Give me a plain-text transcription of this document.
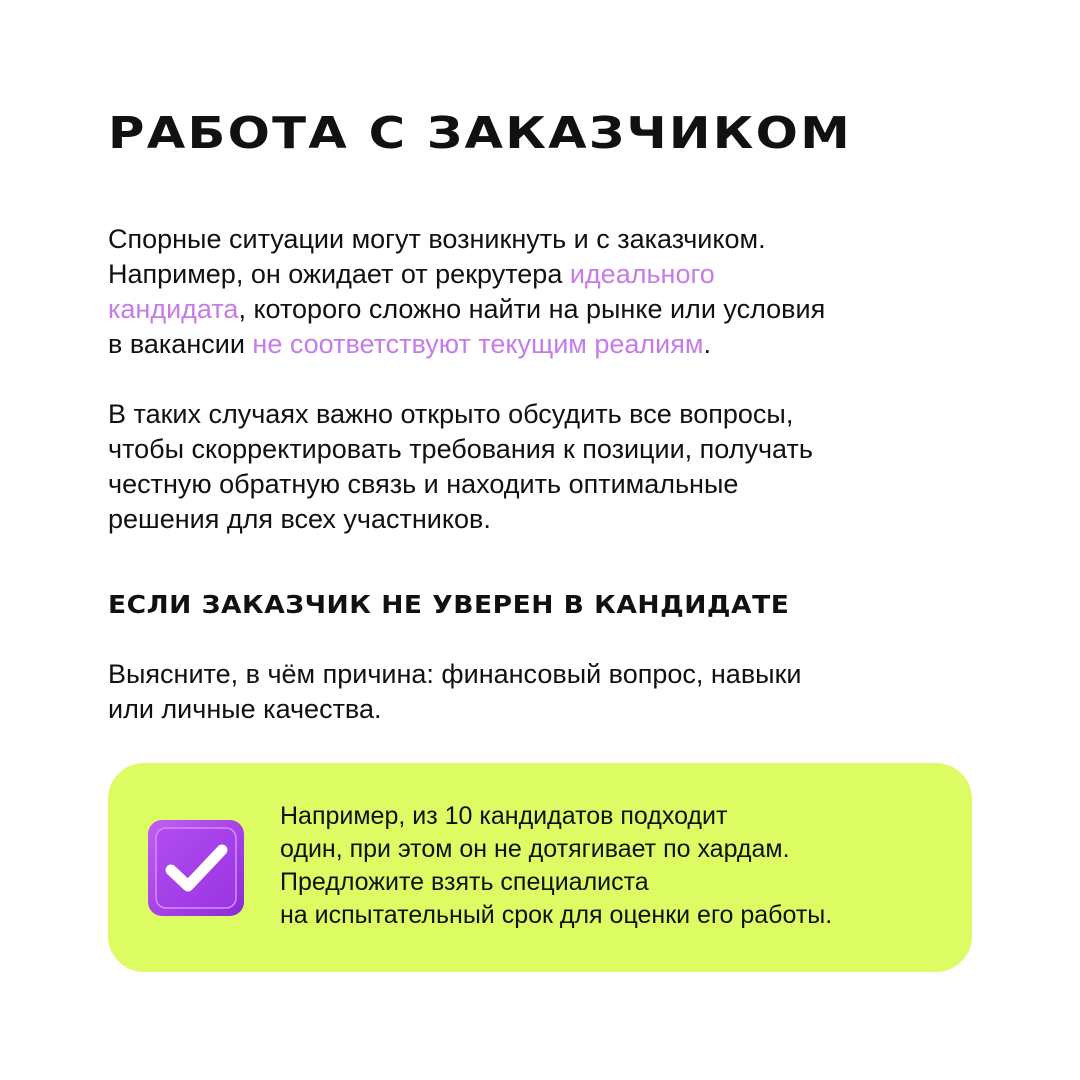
РАБОТА С ЗАКАЗЧИКОМ

Спорные ситуации могут возникнуть и с заказчиком.
Например, он ожидает от рекрутера идеального
кандидата, которого сложно найти на рынке или условия
в вакансии не соответствуют текущим реалиям.

В таких случаях важно открыто обсудить все вопросы,
чтобы скорректировать требования к позиции, получать
честную обратную связь и находить оптимальные
решения для всех участников.

ЕСЛИ ЗАКАЗЧИК НЕ УВЕРЕН В КАНДИДАТЕ

Выясните, в чём причина: финансовый вопрос, навыки
или личные качества.

Например, из 10 кандидатов подходит
один, при этом он не дотягивает по хардам.
Предложите взять специалиста
на испытательный срок для оценки его работы.
